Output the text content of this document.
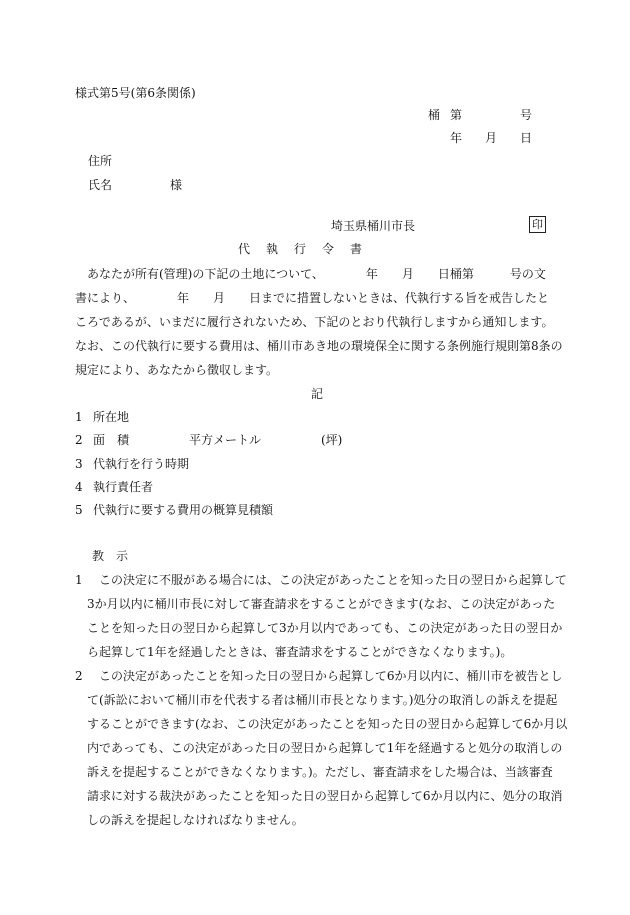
様式第5号(第6条関係)
桶 第	号
年 月 日
住所
氏名	様
埼玉県桶川市長	印
代　執　行　令　書

　あなたが所有(管理)の下記の土地について、　　　　年　　月　　日桶第　　　号の文

書により、　　　　年　　月　　日までに措置しないときは、代執行する旨を戒告したと

ころであるが、いまだに履行されないため、下記のとおり代執行しますから通知します。

なお、この代執行に要する費用は、桶川市あき地の環境保全に関する条例施行規則第8条の

規定により、あなたから徴収します。

記
1 所在地
2 面　積　　　　　平方メートル　　　　　(坪)
3 代執行を行う時期
4 執行責任者
5 代執行に要する費用の概算見積額
教　示
1 　この決定に不服がある場合には、この決定があったことを知った日の翌日から起算して
3か月以内に桶川市長に対して審査請求をすることができます(なお、この決定があった
ことを知った日の翌日から起算して3か月以内であっても、この決定があった日の翌日か
ら起算して1年を経過したときは、審査請求をすることができなくなります。)。
2 　この決定があったことを知った日の翌日から起算して6か月以内に、桶川市を被告とし
て(訴訟において桶川市を代表する者は桶川市長となります。)処分の取消しの訴えを提起
することができます(なお、この決定があったことを知った日の翌日から起算して6か月以
内であっても、この決定があった日の翌日から起算して1年を経過すると処分の取消しの
訴えを提起することができなくなります。)。ただし、審査請求をした場合は、当該審査
請求に対する裁決があったことを知った日の翌日から起算して6か月以内に、処分の取消
しの訴えを提起しなければなりません。
